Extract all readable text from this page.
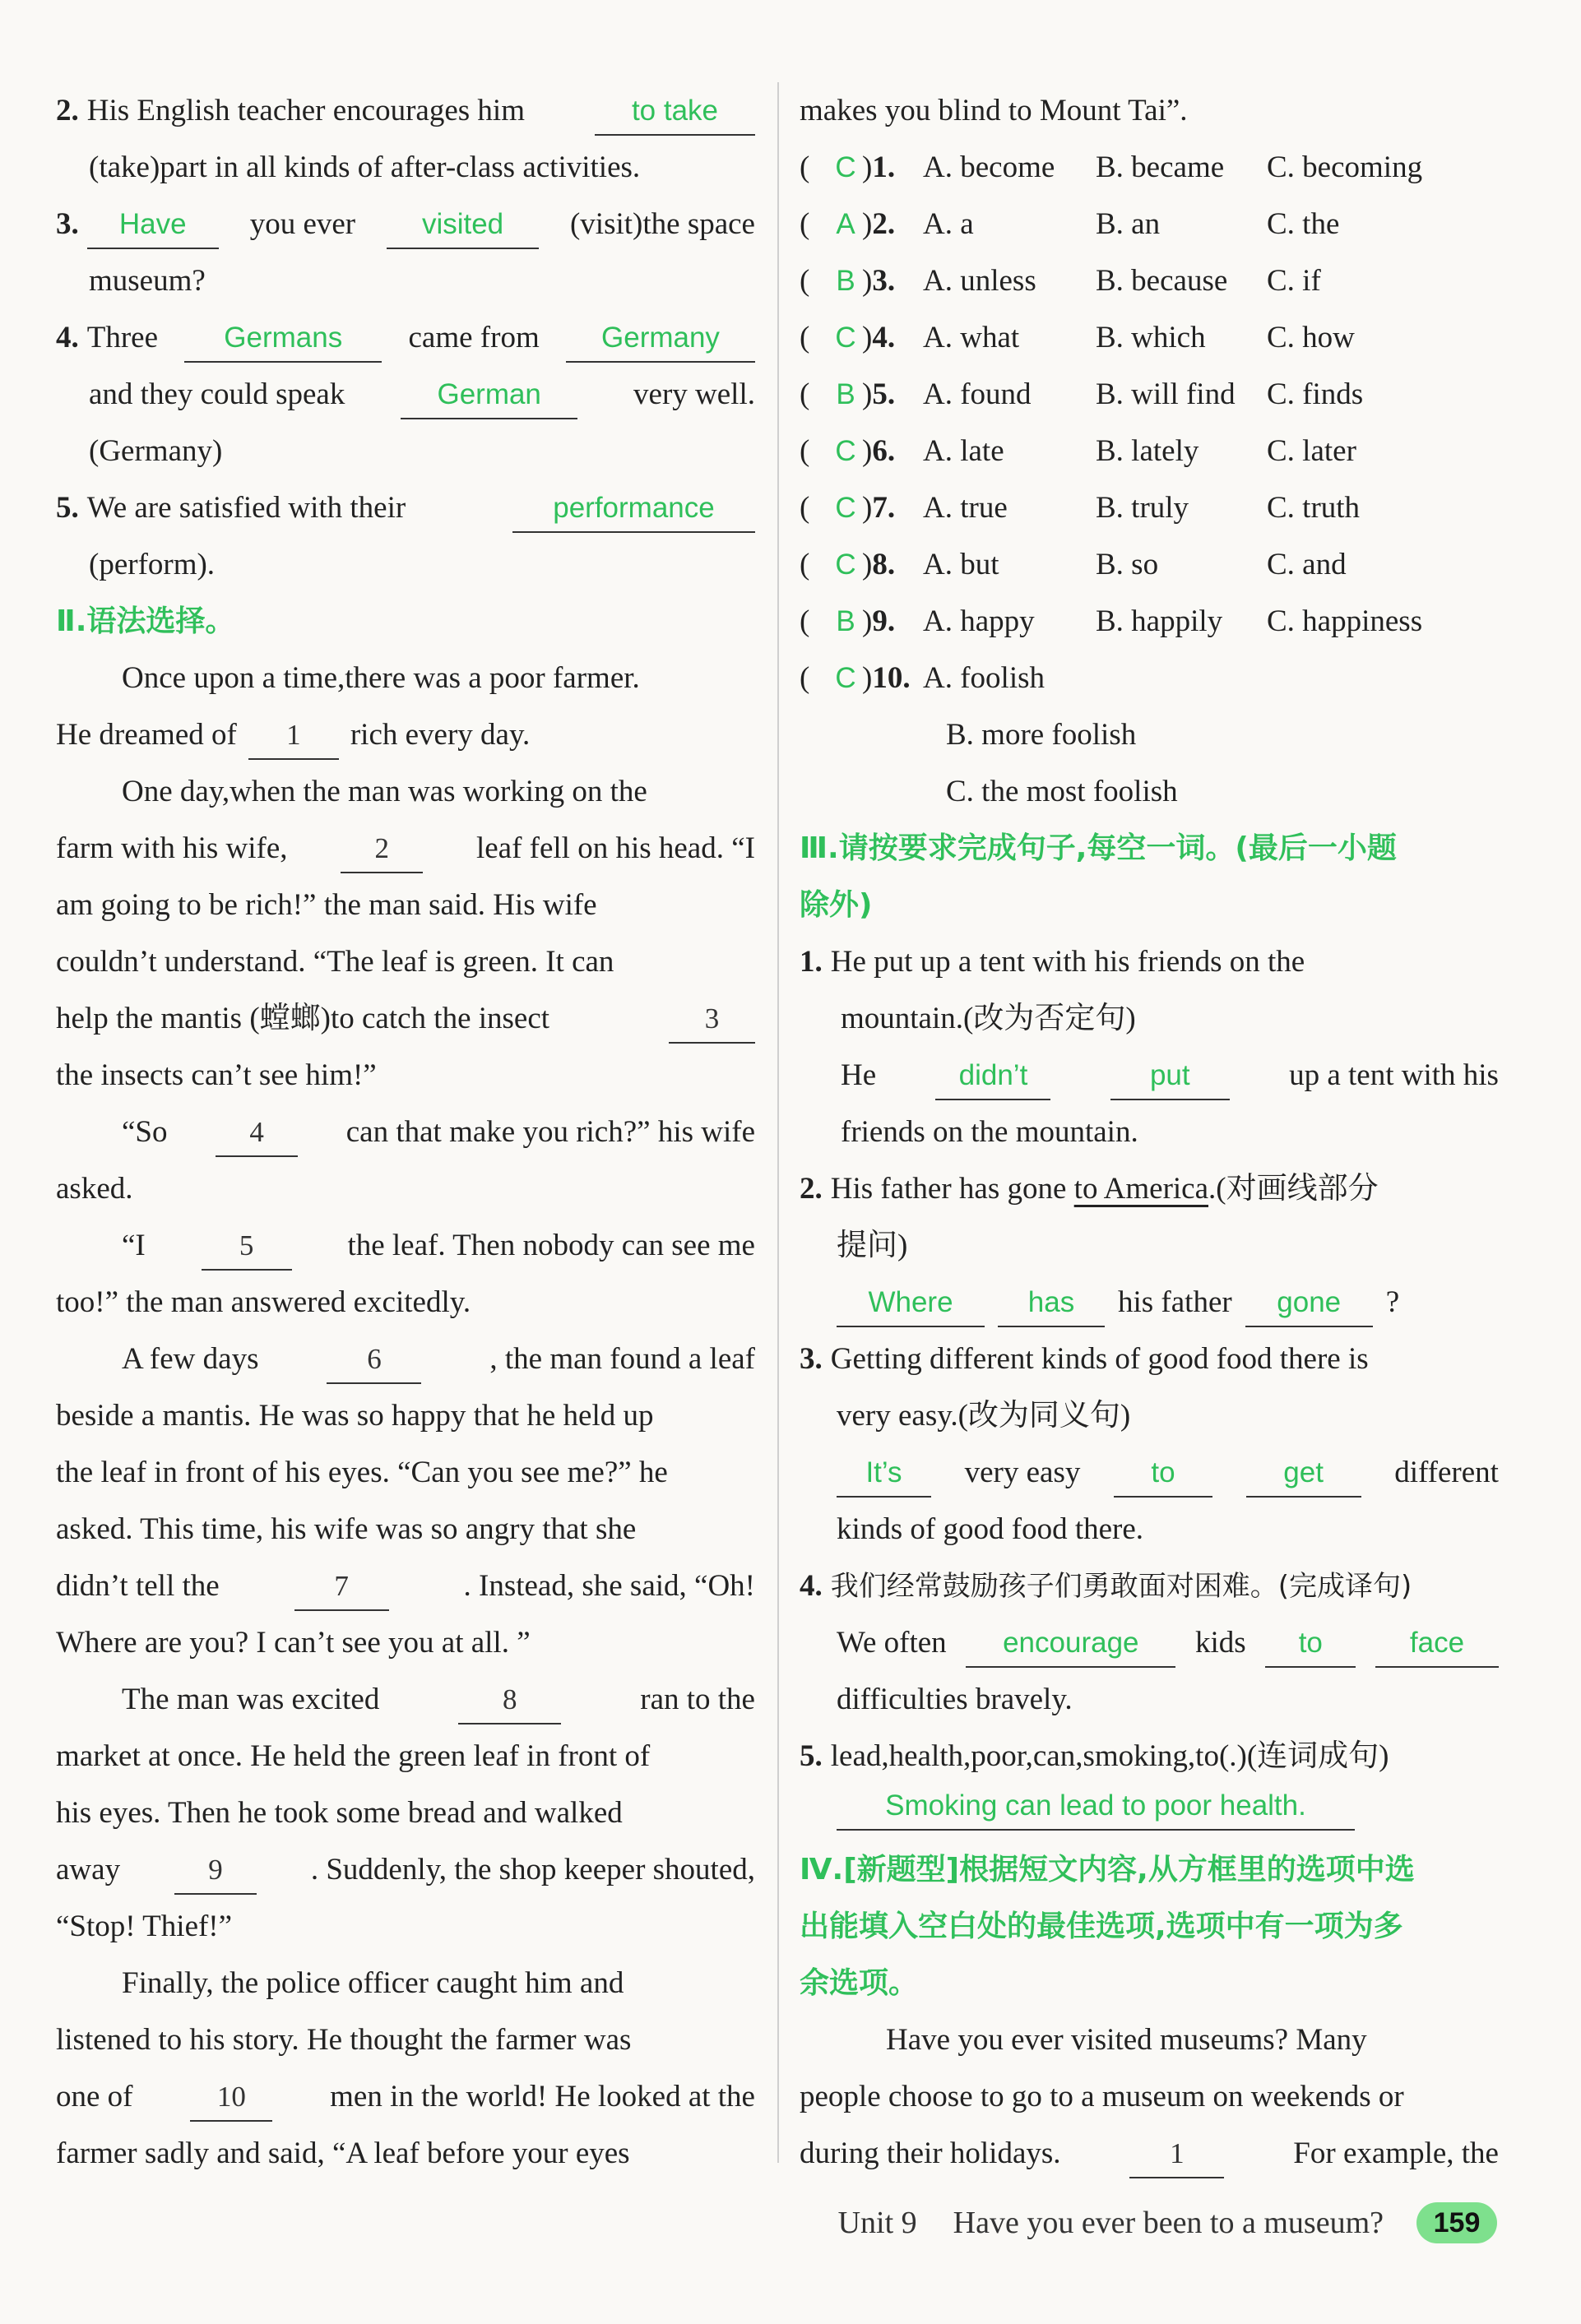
2. His English teacher encourages him	to take
(take)part in all kinds of after-class activities.
3. Have	you ever	visited	(visit)the space
museum?
4. Three	Germans	came from	Germany
and they could speak	German	very well.
(Germany)
5. We are satisfied with their	performance
(perform).
Ⅱ.语法选择。
Once upon a time,there was a poor farmer.
He dreamed of	1	rich every day.
One day,when the man was working on the
farm with his wife,	2	leaf fell on his head. “I
am going to be rich!” the man said. His wife
couldn’t understand. “The leaf is green. It can
help the mantis (螳螂)to catch the insect	3
the insects can’t see him!”
“So	4	can that make you rich?” his wife
asked.
“I	5	the leaf. Then nobody can see me
too!” the man answered excitedly.
A few days	6	, the man found a leaf
beside a mantis. He was so happy that he held up
the leaf in front of his eyes. “Can you see me?” he
asked. This time, his wife was so angry that she
didn’t tell the	7	. Instead, she said, “Oh!
Where are you? I can’t see you at all. ”
The man was excited	8	ran to the
market at once. He held the green leaf in front of
his eyes. Then he took some bread and walked
away	9	. Suddenly, the shop keeper shouted,
“Stop! Thief!”
Finally, the police officer caught him and
listened to his story. He thought the farmer was
one of	10	men in the world! He looked at the
farmer sadly and said, “A leaf before your eyes
makes you blind to Mount Tai”.
( C ) 1. A. become	B. became	C. becoming
( A ) 2. A. a	B. an	C. the
( B ) 3. A. unless	B. because	C. if
( C ) 4. A. what	B. which	C. how
( B ) 5. A. found	B. will find	C. finds
( C ) 6. A. late	B. lately	C. later
( C ) 7. A. true	B. truly	C. truth
( C ) 8. A. but	B. so	C. and
( B ) 9. A. happy	B. happily	C. happiness
( C ) 10. A. foolish
B. more foolish
C. the most foolish
Ⅲ.请按要求完成句子,每空一词。(最后一小题
除外)
1. He put up a tent with his friends on the
mountain.(改为否定句)
He	didn’t	put	up a tent with his
friends on the mountain.
2. His father has gone
to America .(对画线部分
提问)
Where	has	his father	gone	?
3. Getting different kinds of good food there is
very easy.(改为同义句)
It’s	very easy	to	get	different
kinds of good food there.
4. 我们经常鼓励孩子们勇敢面对困难。(完成译句)
We often	encourage	kids	to	face
difficulties bravely.
5. lead,health,poor,can,smoking,to(.)(连词成句)
Smoking can lead to poor health.
Ⅳ.[新题型]根据短文内容,从方框里的选项中选
出能填入空白处的最佳选项,选项中有一项为多
余选项。
Have you ever visited museums? Many
people choose to go to a museum on weekends or
during their holidays.	1	For example, the
Unit 9 Have you ever been to a museum?	159
